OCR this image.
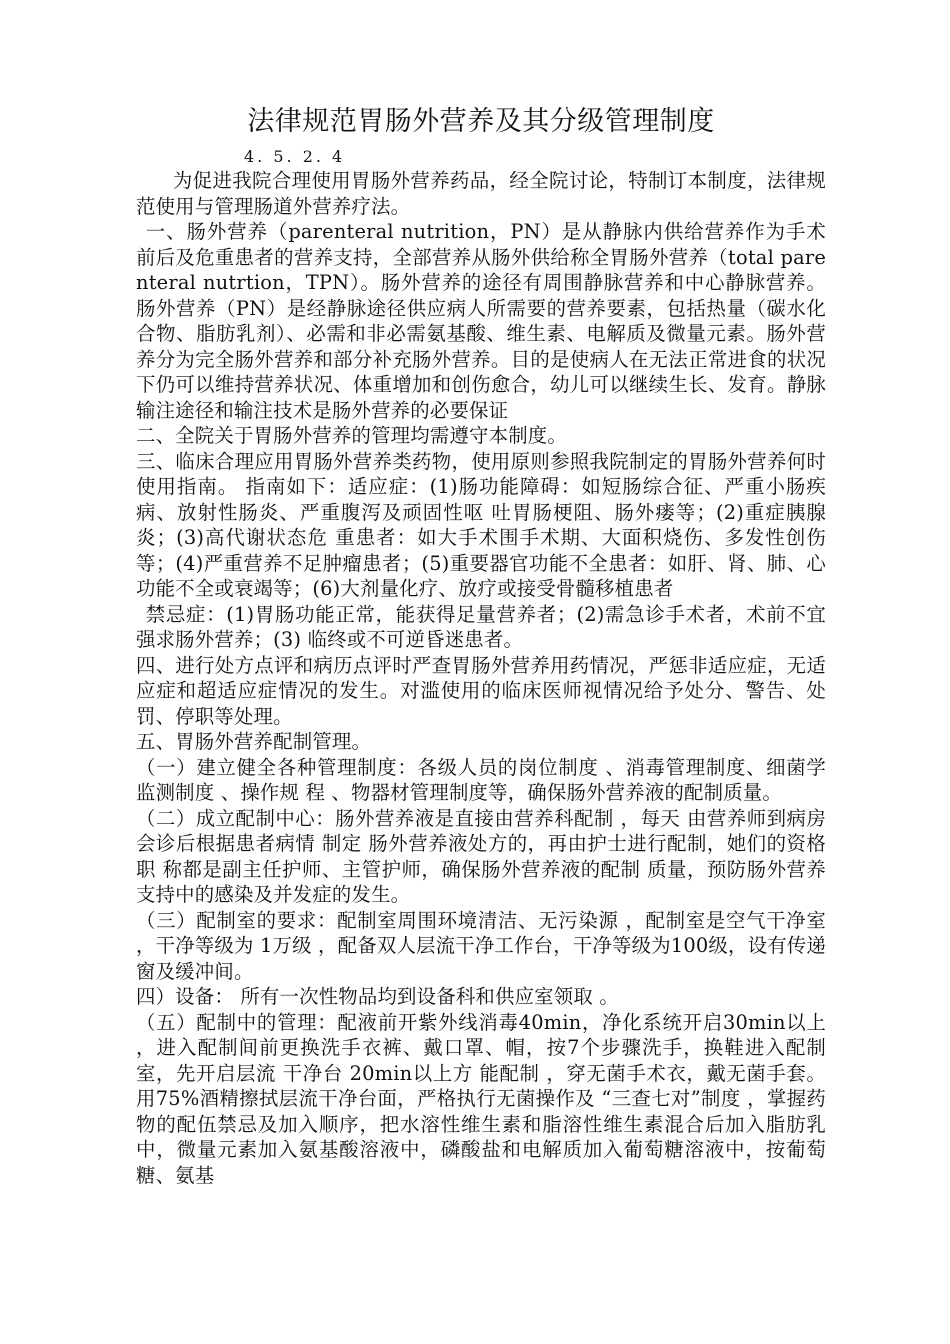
法律规范胃肠外营养及其分级管理制度
4. 5. 2. 4

为促进我院合理使用胃肠外营养药品，经全院讨论，特制订本制度，法律规范使用与管理肠道外营养疗法。

一、肠外营养（parenteral nutrition，PN）是从静脉内供给营养作为手术前后及危重患者的营养支持，全部营养从肠外供给称全胃肠外营养（total parenteral nutrtion，TPN）。肠外营养的途径有周围静脉营养和中心静脉营养。 肠外营养（PN）是经静脉途径供应病人所需要的营养要素，包括热量（碳水化合物、脂肪乳剂）、必需和非必需氨基酸、维生素、电解质及微量元素。肠外营养分为完全肠外营养和部分补充肠外营养。目的是使病人在无法正常进食的状况下仍可以维持营养状况、体重增加和创伤愈合，幼儿可以继续生长、发育。静脉输注途径和输注技术是肠外营养的必要保证

二、全院关于胃肠外营养的管理均需遵守本制度。

三、临床合理应用胃肠外营养类药物，使用原则参照我院制定的胃肠外营养何时使用指南。 指南如下：适应症：(1)肠功能障碍：如短肠综合征、严重小肠疾病、放射性肠炎、严重腹泻及顽固性呕 吐胃肠梗阻、肠外瘘等；(2)重症胰腺炎；(3)高代谢状态危 重患者：如大手术围手术期、大面积烧伤、多发性创伤等；(4)严重营养不足肿瘤患者；(5)重要器官功能不全患者：如肝、肾、肺、心功能不全或衰竭等；(6)大剂量化疗、放疗或接受骨髓移植患者

禁忌症：(1)胃肠功能正常，能获得足量营养者；(2)需急诊手术者，术前不宜强求肠外营养；(3) 临终或不可逆昏迷患者。

四、进行处方点评和病历点评时严查胃肠外营养用药情况，严惩非适应症，无适应症和超适应症情况的发生。对滥使用的临床医师视情况给予处分、警告、处罚、停职等处理。

五、胃肠外营养配制管理。

（一）建立健全各种管理制度：各级人员的岗位制度 、消毒管理制度、细菌学监测制度 、操作规 程 、物器材管理制度等，确保肠外营养液的配制质量。

（二）成立配制中心：肠外营养液是直接由营养科配制 ，每天 由营养师到病房会诊后根据患者病情 制定 肠外营养液处方的，再由护士进行配制，她们的资格职 称都是副主任护师、主管护师，确保肠外营养液的配制 质量，预防肠外营养支持中的感染及并发症的发生。

（三）配制室的要求：配制室周围环境清洁、无污染源 ，配制室是空气干净室 ，干净等级为 1万级 ，配备双人层流干净工作台，干净等级为100级，设有传递窗及缓冲间。

四）设备： 所有一次性物品均到设备科和供应室领取 。

（五）配制中的管理：配液前开紫外线消毒40min，净化系统开启30min以上 ，进入配制间前更换洗手衣裤、戴口罩、帽，按7个步骤洗手，换鞋进入配制室，先开启层流 干净台 20min以上方 能配制 ，穿无菌手术衣，戴无菌手套。用75%酒精擦拭层流干净台面，严格执行无菌操作及 “三查七对”制度 ，掌握药物的配伍禁忌及加入顺序，把水溶性维生素和脂溶性维生素混合后加入脂肪乳中，微量元素加入氨基酸溶液中，磷酸盐和电解质加入葡萄糖溶液中，按葡萄糖、氨基
